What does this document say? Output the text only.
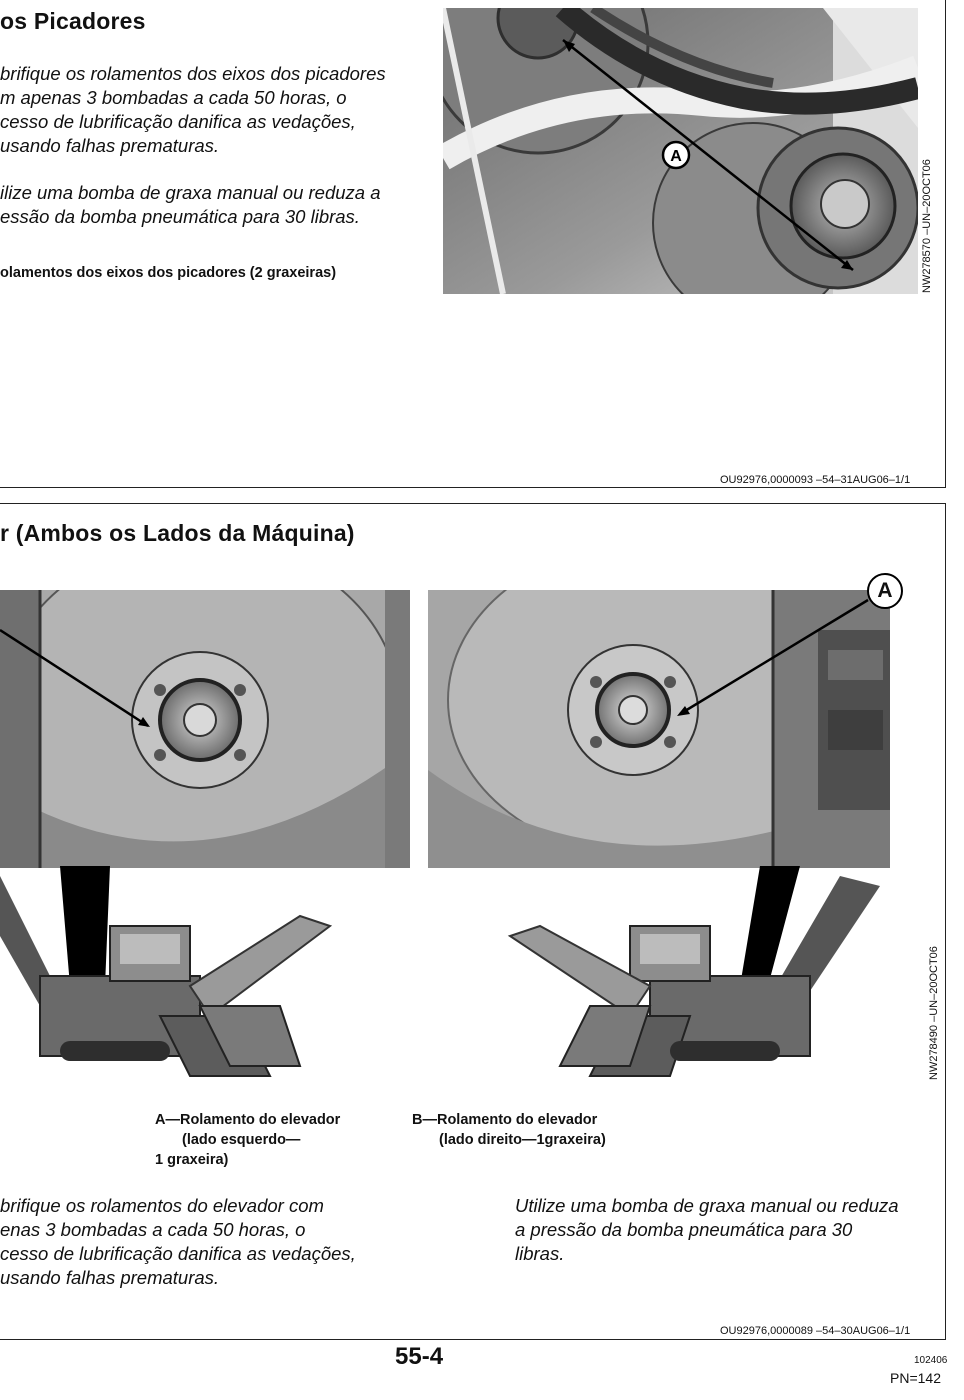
os Picadores
brifique os rolamentos dos eixos dos picadores
m apenas 3 bombadas a cada 50 horas, o
cesso de lubrificação danifica as vedações,
usando falhas prematuras.
ilize uma bomba de graxa manual ou reduza a
essão da bomba pneumática para 30 libras.
olamentos dos eixos dos picadores (2 graxeiras)
A
NW278570 –UN–20OCT06
OU92976,0000093 –54–31AUG06–1/1
r (Ambos os Lados da Máquina)
A
NW278490 –UN–20OCT06
A—Rolamento do elevador
(lado esquerdo—
1 graxeira)
B—Rolamento do elevador
(lado direito—1graxeira)
brifique os rolamentos do elevador com
enas 3 bombadas a cada 50 horas, o
cesso de lubrificação danifica as vedações,
usando falhas prematuras.
Utilize uma bomba de graxa manual ou reduza
a pressão da bomba pneumática para 30
libras.
OU92976,0000089 –54–30AUG06–1/1
55-4	102406
PN=142
